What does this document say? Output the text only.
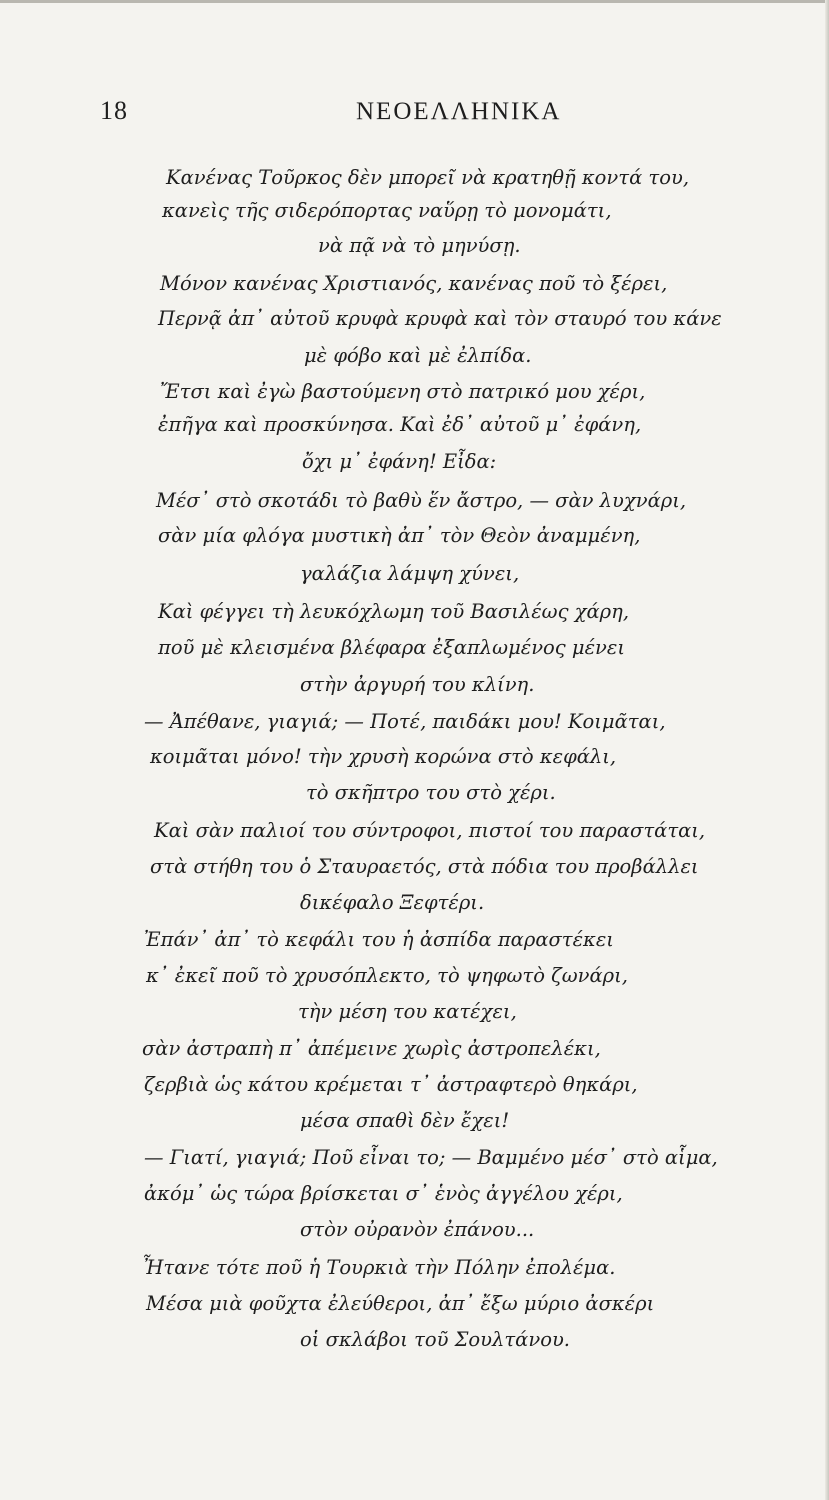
18	ΝΕΟΕΛΛΗΝΙΚΑ
Κανένας Τοῦρκος δὲν μπορεῖ νὰ κρατηθῇ κοντά του,
κανεὶς τῆς σιδερόπορτας ναὕρῃ τὸ μονομάτι,
νὰ πᾷ νὰ τὸ μηνύσῃ.
Μόνον κανένας Χριστιανός, κανένας ποῦ τὸ ξέρει,
Περνᾷ ἀπ᾽ αὐτοῦ κρυφὰ κρυφὰ καὶ τὸν σταυρό του κάνε
μὲ φόβο καὶ μὲ ἐλπίδα.
Ἔτσι καὶ ἐγὼ βαστούμενη στὸ πατρικό μου χέρι,
ἐπῆγα καὶ προσκύνησα. Καὶ ἐδ᾽ αὐτοῦ μ᾽ ἐφάνη,
ὄχι μ᾽ ἐφάνη! Εἶδα:
Μέσ᾽ στὸ σκοτάδι τὸ βαθὺ ἕν ἄστρο, — σὰν λυχνάρι,
σὰν μία φλόγα μυστικὴ ἀπ᾽ τὸν Θεὸν ἀναμμένη,
γαλάζια λάμψη χύνει,
Καὶ φέγγει τὴ λευκόχλωμη τοῦ Βασιλέως χάρη,
ποῦ μὲ κλεισμένα βλέφαρα ἐξαπλωμένος μένει
στὴν ἀργυρή του κλίνη.
— Ἀπέθανε, γιαγιά; — Ποτέ, παιδάκι μου! Κοιμᾶται,
κοιμᾶται μόνο! τὴν χρυσὴ κορώνα στὸ κεφάλι,
τὸ σκῆπτρο του στὸ χέρι.
Καὶ σὰν παλιοί του σύντροφοι, πιστοί του παραστάται,
στὰ στήθη του ὁ Σταυραετός, στὰ πόδια του προβάλλει
δικέφαλο Ξεφτέρι.
Ἐπάν᾽ ἀπ᾽ τὸ κεφάλι του ἡ ἀσπίδα παραστέκει
κ᾽ ἐκεῖ ποῦ τὸ χρυσόπλεκτο, τὸ ψηφωτὸ ζωνάρι,
τὴν μέση του κατέχει,
σὰν ἀστραπὴ π᾽ ἀπέμεινε χωρὶς ἀστροπελέκι,
ζερβιὰ ὡς κάτου κρέμεται τ᾽ ἀστραφτερὸ θηκάρι,
μέσα σπαθὶ δὲν ἔχει!
— Γιατί, γιαγιά; Ποῦ εἶναι το; — Βαμμένο μέσ᾽ στὸ αἷμα,
ἀκόμ᾽ ὡς τώρα βρίσκεται σ᾽ ἑνὸς ἀγγέλου χέρι,
στὸν οὐρανὸν ἐπάνου...
Ἦτανε τότε ποῦ ἡ Τουρκιὰ τὴν Πόλην ἐπολέμα.
Μέσα μιὰ φοῦχτα ἐλεύθεροι, ἀπ᾽ ἔξω μύριο ἀσκέρι
οἱ σκλάβοι τοῦ Σουλτάνου.
